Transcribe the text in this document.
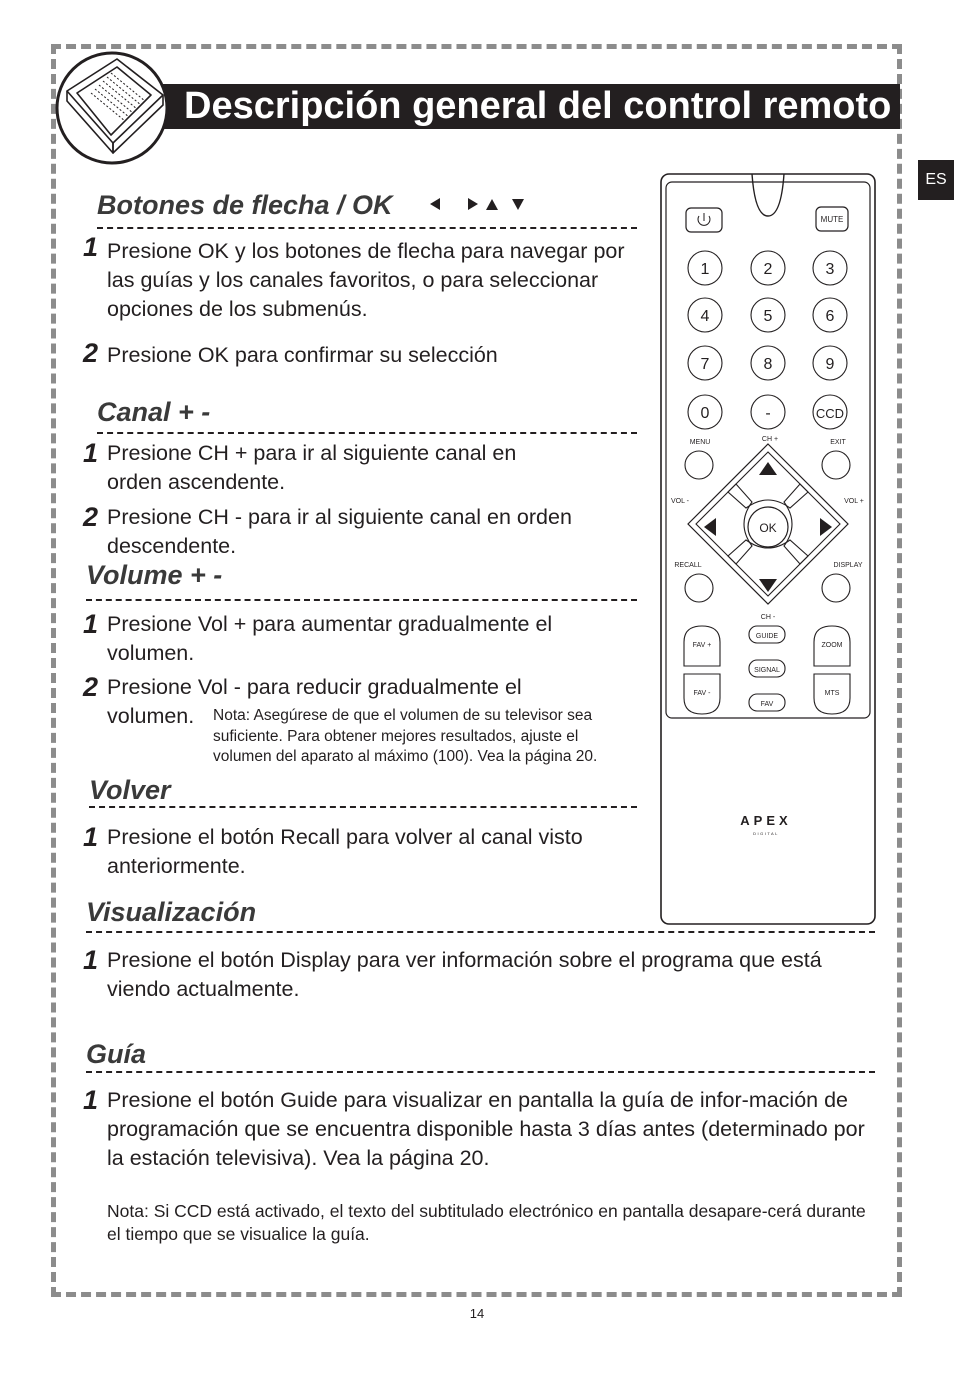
Descripción general del control remoto
ES
Botones de flecha / OK
1 Presione OK y los botones de flecha para navegar por las guías y los canales favoritos, o para seleccionar opciones de los submenús.
2 Presione OK para confirmar su selección
Canal + -
1 Presione CH + para ir al siguiente canal en orden ascendente.
2 Presione CH - para ir al siguiente canal en orden descendente.
Volume + -
1 Presione Vol + para aumentar gradualmente el volumen.
2 Presione Vol - para reducir gradualmente el
volumen. Nota: Asegúrese de que el volumen de su televisor sea suficiente. Para obtener mejores resultados, ajuste el volumen del aparato al máximo (100). Vea la página 20.
Volver
1 Presione el botón Recall para volver al canal visto anteriormente.
Visualización
1 Presione el botón Display para ver información sobre el programa que está viendo actualmente.
Guía
1 Presione el botón Guide para visualizar en pantalla la guía de infor-mación de programación que se encuentra disponible hasta 3 días antes (determinado por la estación televisiva). Vea la página 20.
Nota: Si CCD está activado, el texto del subtitulado electrónico en pantalla desapare-cerá durante el tiempo que se visualice la guía.
14
MUTE
1	2	3
4	5	6
7	8	9
0	-	CCD
MENU	CH +	EXIT
VOL -	VOL +
RECALL	DISPLAY
CH -
OK
FAV +
FAV -
ZOOM
MTS
GUIDE
SIGNAL
FAV
APEX
DIGITAL
